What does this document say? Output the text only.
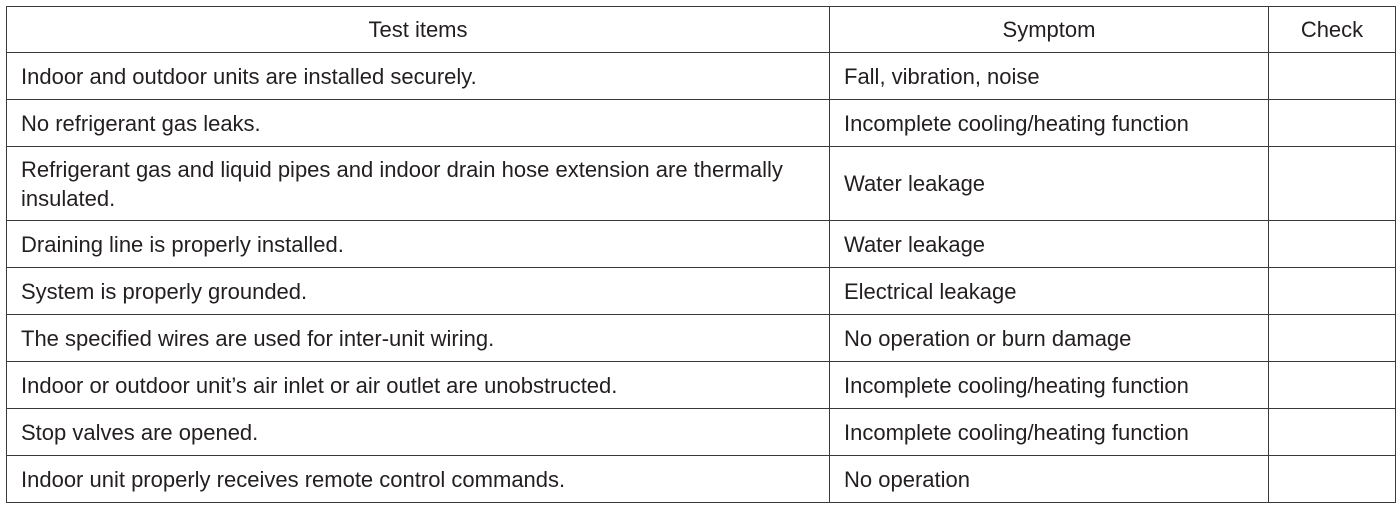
Test items	Symptom	Check
Indoor and outdoor units are installed securely.	Fall, vibration, noise	
No refrigerant gas leaks.	Incomplete cooling/heating function	
Refrigerant gas and liquid pipes and indoor drain hose extension are thermally insulated.	Water leakage	
Draining line is properly installed.	Water leakage	
System is properly grounded.	Electrical leakage	
The specified wires are used for inter-unit wiring.	No operation or burn damage	
Indoor or outdoor unit’s air inlet or air outlet are unobstructed.	Incomplete cooling/heating function	
Stop valves are opened.	Incomplete cooling/heating function	
Indoor unit properly receives remote control commands.	No operation	
